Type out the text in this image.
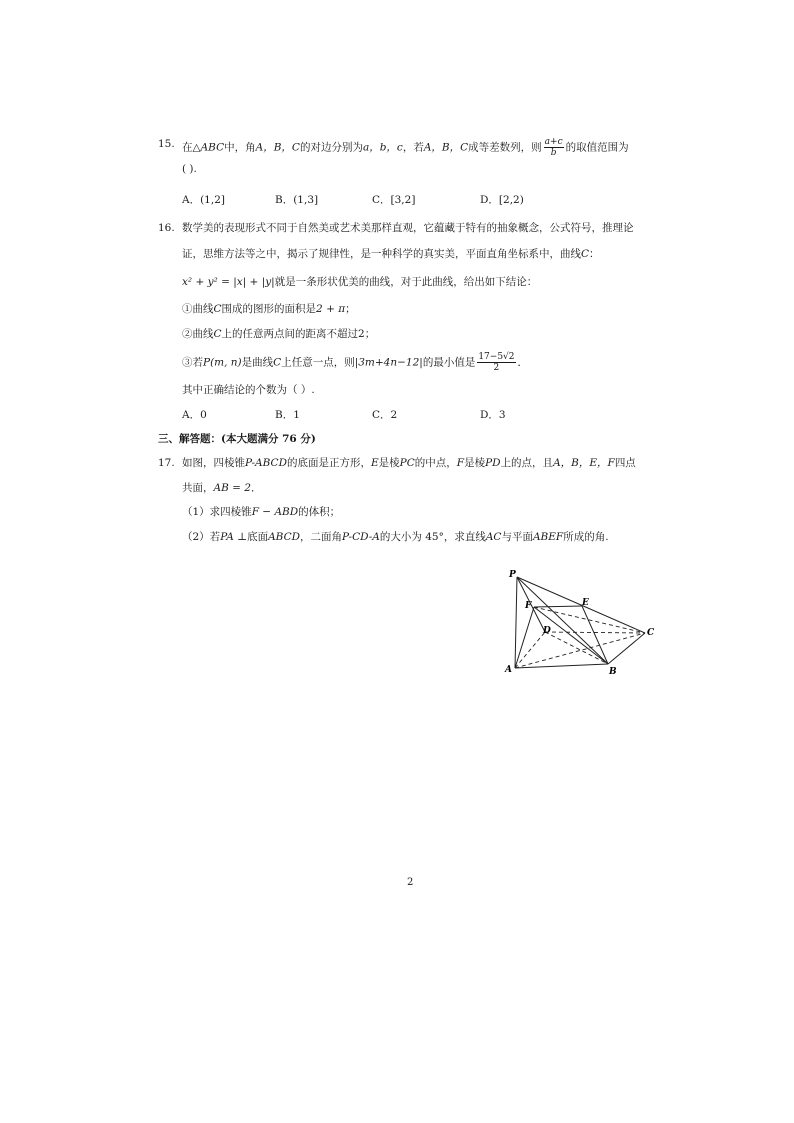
15. 在△ABC中，角A，B，C的对边分别为a，b，c，若A，B，C成等差数列，则 $\frac{a+c}{b}$ 的取值范围为
( ).
A．(1,2]	B．(1,3]	C．[3,2]	D．[2,2)
16. 数学美的表现形式不同于自然美或艺术美那样直观，它蕴藏于特有的抽象概念，公式符号，推理论
证，思维方法等之中，揭示了规律性，是一种科学的真实美，平面直角坐标系中，曲线C：
x² + y² = |x| + |y|就是一条形状优美的曲线，对于此曲线，给出如下结论：
①曲线C围成的图形的面积是2 + π；
②曲线C上的任意两点间的距离不超过2；
③若P(m, n)是曲线C上任意一点，则|3m+4n−12|的最小值是 $\frac{17-5√2}{2}$ ．
其中正确结论的个数为（ ）.
A．0	B．1	C．2	D．3
三、解答题：(本大题满分 76 分)
17. 如图，四棱锥P-ABCD的底面是正方形，E是棱PC的中点，F是棱PD上的点，且A，B，E，F四点
共面，AB = 2．
（1）求四棱锥F − ABD的体积；
（2）若PA ⊥底面ABCD，二面角P-CD-A的大小为 45°，求直线AC与平面ABEF所成的角.
P
F	E
D	C
A	B
2
